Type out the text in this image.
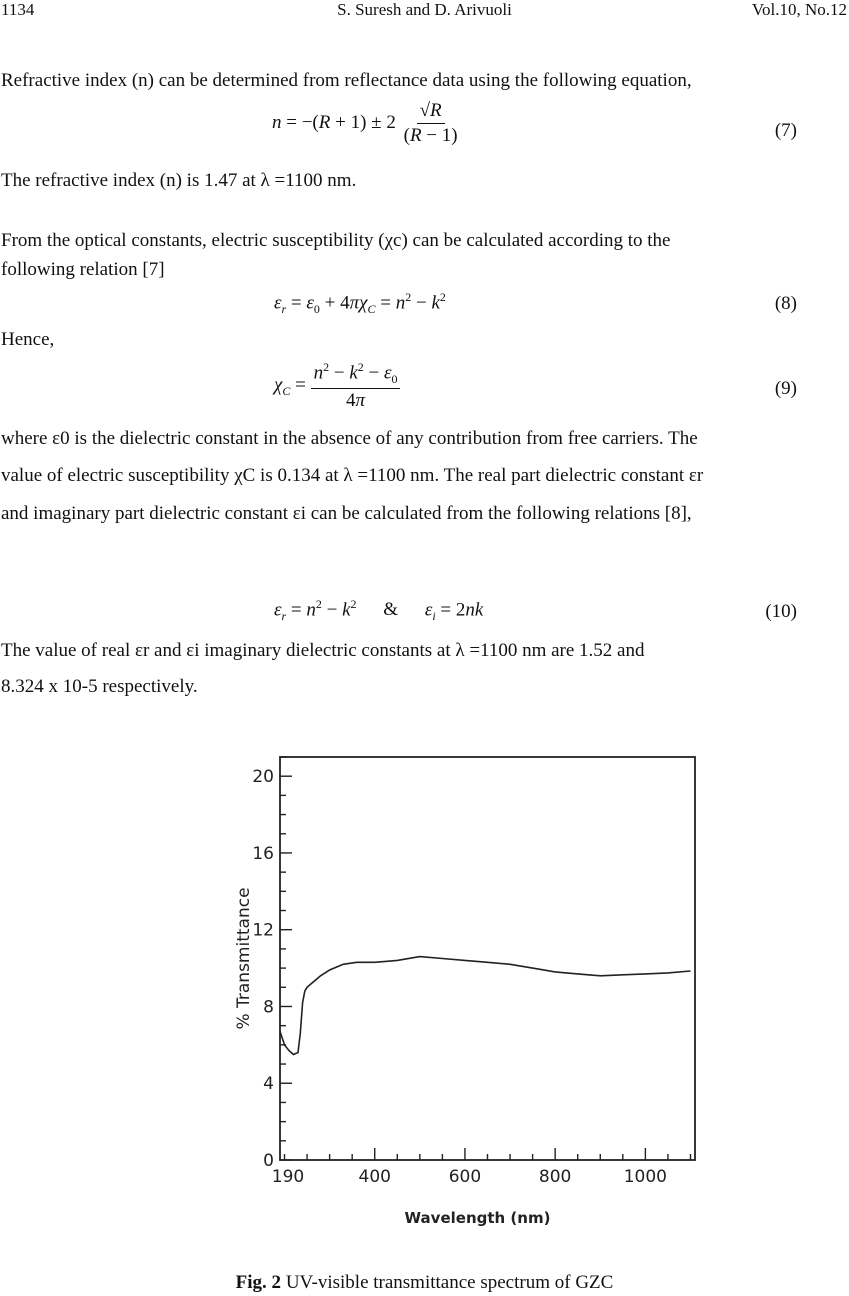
1134	S. Suresh and D. Arivuoli	Vol.10, No.12
Refractive index (n) can be determined from reflectance data using the following equation,
$n = -(R + 1) \pm 2 \frac{√R}{(R - 1)}$	(7)
The refractive index (n) is 1.47 at λ =1100 nm.
From the optical constants, electric susceptibility (χc) can be calculated according to the
following relation [7]
$\varepsilon_r = \varepsilon_0 + 4\pi\chi_C = n^2 - k^2$	(8)
Hence,
$\chi_C = \frac{n^2 - k^2 - \varepsilon_0}{4\pi}$	(9)
where ε0 is the dielectric constant in the absence of any contribution from free carriers. The
value of electric susceptibility χC is 0.134 at λ =1100 nm. The real part dielectric constant εr
and imaginary part dielectric constant εi can be calculated from the following relations [8],
$\varepsilon_r = n^2 - k^2$ & $\varepsilon_i = 2nk$	(10)
The value of real εr and εi imaginary dielectric constants at λ =1100 nm are 1.52 and
8.324 x 10-5 respectively.
0
4
8
12
16
20
190	400	600	800	1000
% Transmittance
Wavelength (nm)
Fig. 2 UV-visible transmittance spectrum of GZC
